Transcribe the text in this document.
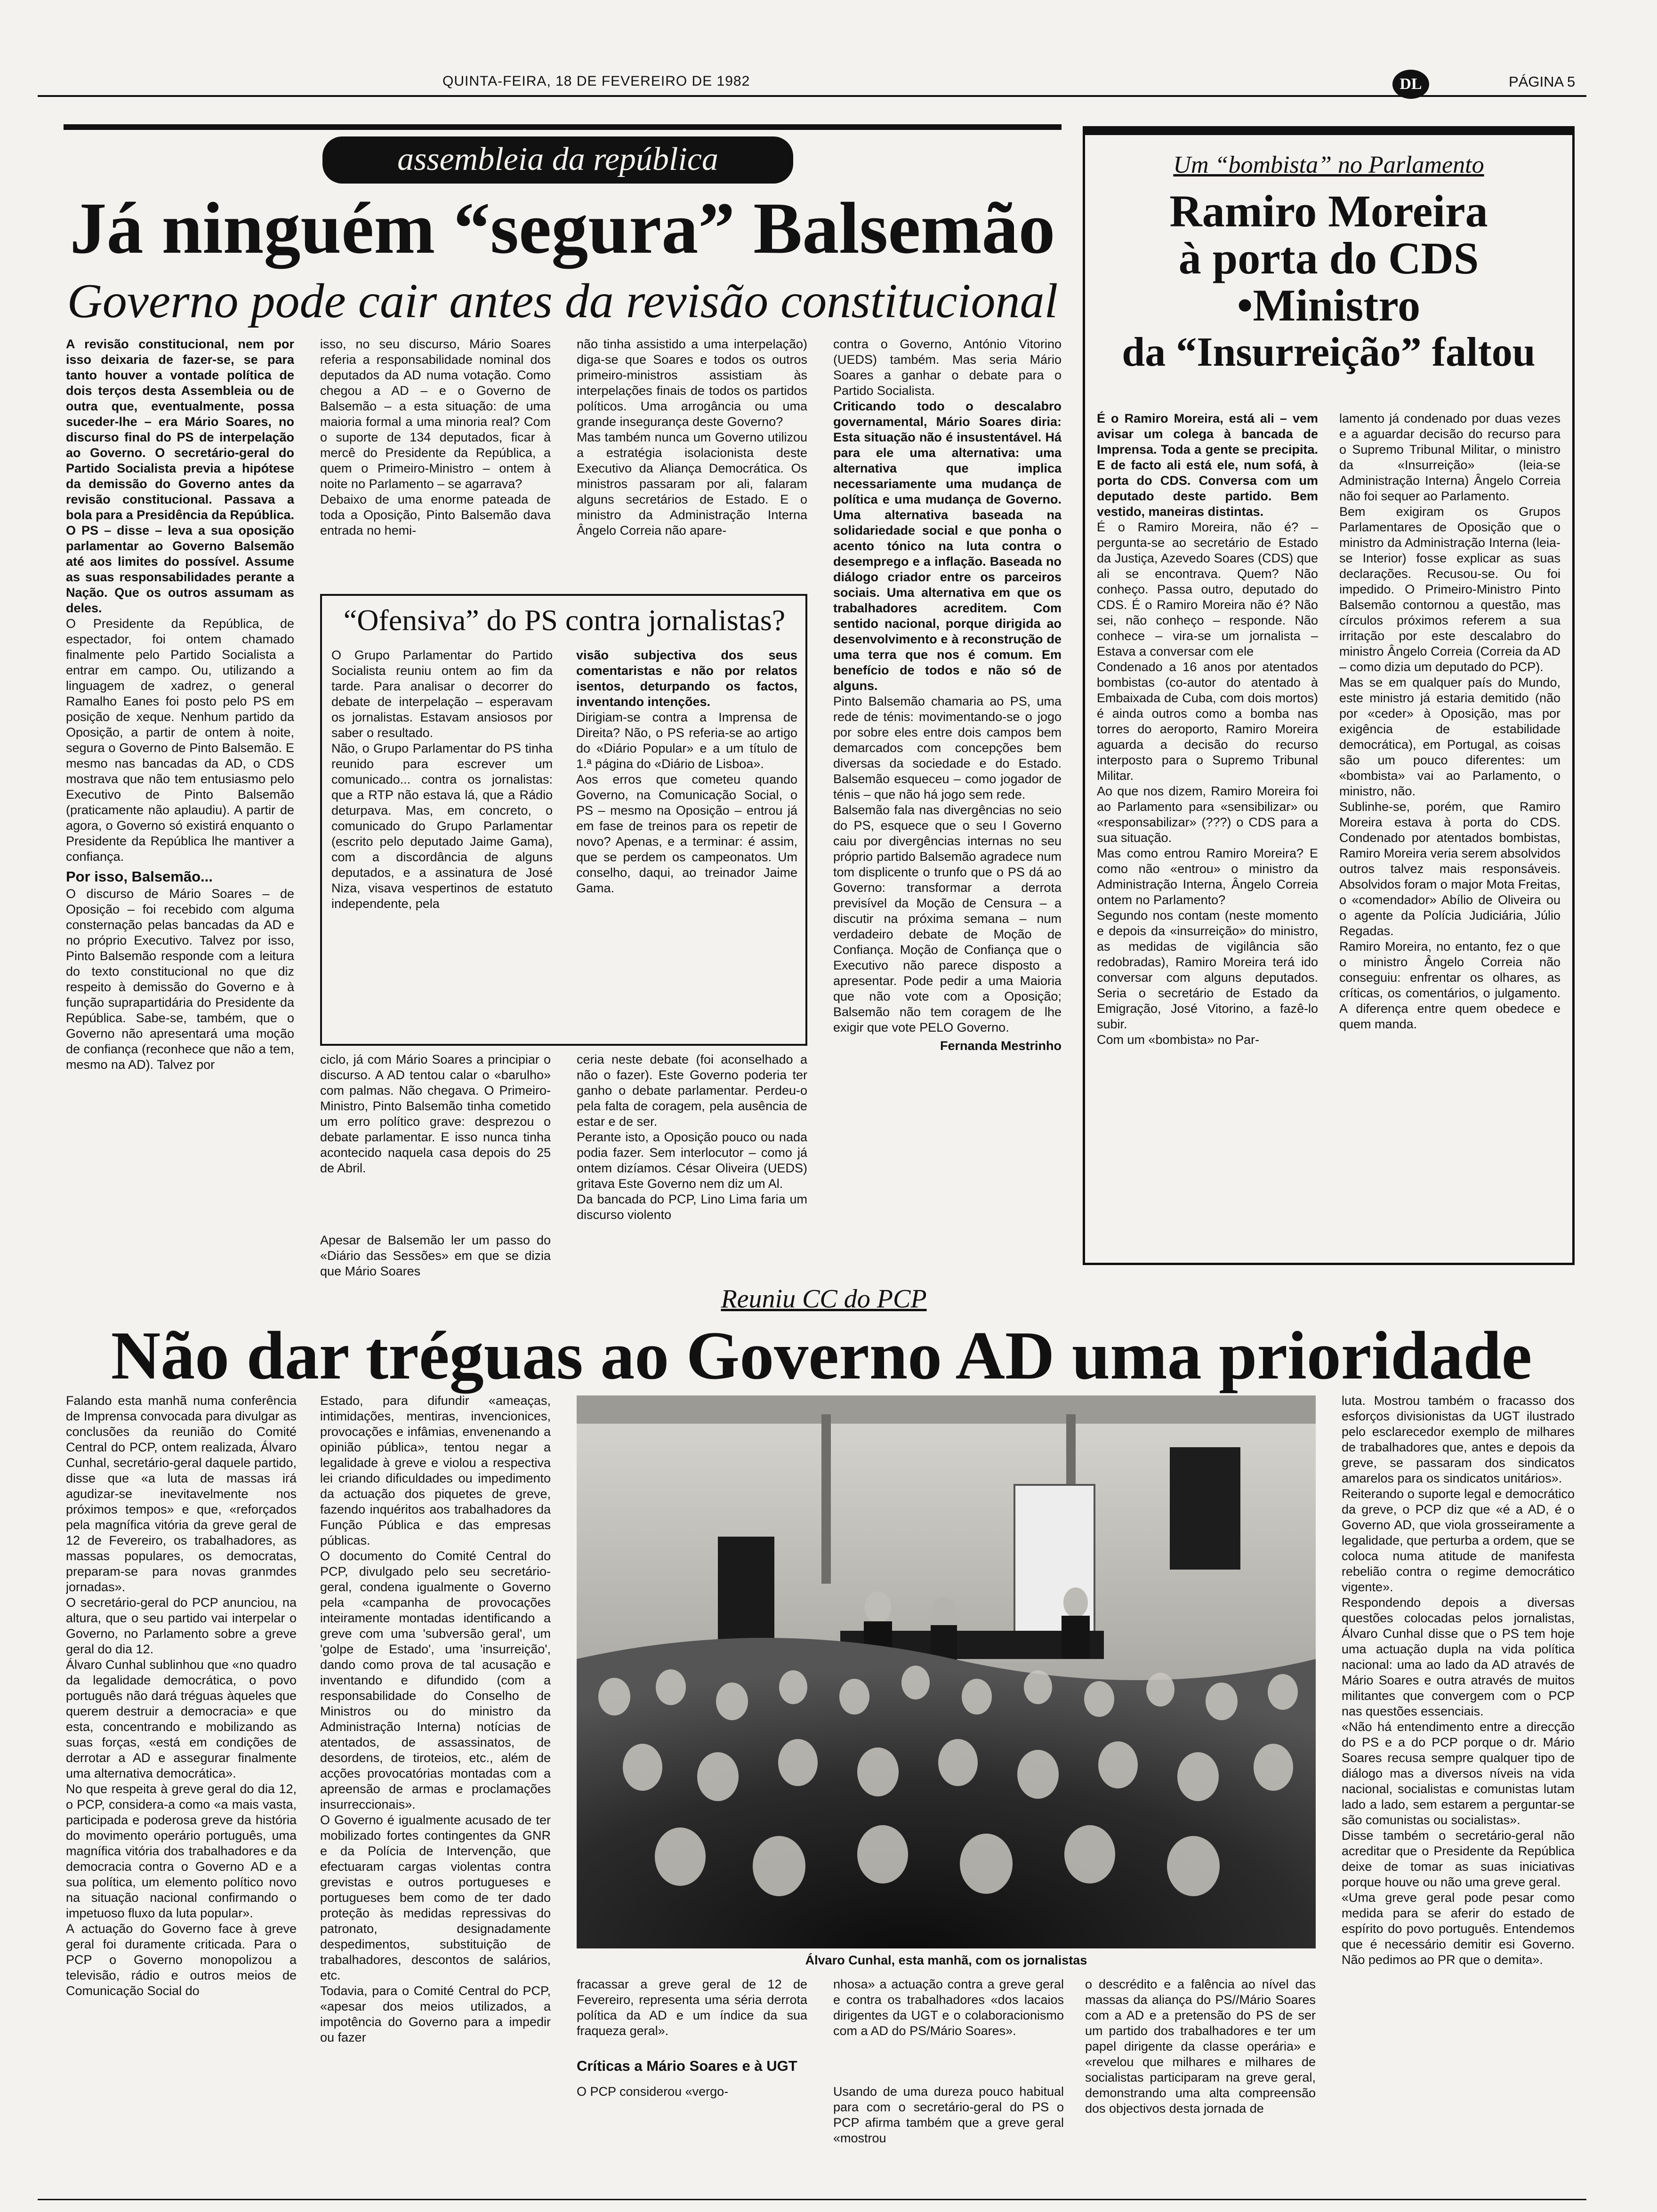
QUINTA-FEIRA, 18 DE FEVEREIRO DE 1982	DL	PÁGINA 5
assembleia da república
Já ninguém “segura” Balsemão
Governo pode cair antes da revisão constitucional

A revisão constitucional, nem por isso deixaria de fazer-se, se para tanto houver a vontade política de dois terços desta Assembleia ou de outra que, eventualmente, possa suceder-lhe – era Mário Soares, no discurso final do PS de interpelação ao Governo. O secretário-geral do Partido Socialista previa a hipótese da demissão do Governo antes da revisão constitucional. Passava a bola para a Presidência da República. O PS – disse – leva a sua oposição parlamentar ao Governo Balsemão até aos limites do possível. Assume as suas responsabilidades perante a Nação. Que os outros assumam as deles.

O Presidente da República, de espectador, foi ontem chamado finalmente pelo Partido Socialista a entrar em campo. Ou, utilizando a linguagem de xadrez, o general Ramalho Eanes foi posto pelo PS em posição de xeque. Nenhum partido da Oposição, a partir de ontem à noite, segura o Governo de Pinto Balsemão. E mesmo nas bancadas da AD, o CDS mostrava que não tem entusiasmo pelo Executivo de Pinto Balsemão (praticamente não aplaudiu). A partir de agora, o Governo só existirá enquanto o Presidente da República lhe mantiver a confiança.

Por isso, Balsemão...

O discurso de Mário Soares – de Oposição – foi recebido com alguma consternação pelas bancadas da AD e no próprio Executivo. Talvez por isso, Pinto Balsemão responde com a leitura do texto constitucional no que diz respeito à demissão do Governo e à função suprapartidária do Presidente da República. Sabe-se, também, que o Governo não apresentará uma moção de confiança (reconhece que não a tem, mesmo na AD). Talvez por

isso, no seu discurso, Mário Soares referia a responsabilidade nominal dos deputados da AD numa votação. Como chegou a AD – e o Governo de Balsemão – a esta situação: de uma maioria formal a uma minoria real? Com o suporte de 134 deputados, ficar à mercê do Presidente da República, a quem o Primeiro-Ministro – ontem à noite no Parlamento – se agarrava?

Debaixo de uma enorme pateada de toda a Oposição, Pinto Balsemão dava entrada no hemi-

não tinha assistido a uma interpelação) diga-se que Soares e todos os outros primeiro-ministros assistiam às interpelações finais de todos os partidos políticos. Uma arrogância ou uma grande insegurança deste Governo?

Mas também nunca um Governo utilizou a estratégia isolacionista deste Executivo da Aliança Democrática. Os ministros passaram por ali, falaram alguns secretários de Estado. E o ministro da Administração Interna Ângelo Correia não apare-

contra o Governo, António Vitorino (UEDS) também. Mas seria Mário Soares a ganhar o debate para o Partido Socialista.

Criticando todo o descalabro governamental, Mário Soares diria: Esta situação não é insustentável. Há para ele uma alternativa: uma alternativa que implica necessariamente uma mudança de política e uma mudança de Governo. Uma alternativa baseada na solidariedade social e que ponha o acento tónico na luta contra o desemprego e a inflação. Baseada no diálogo criador entre os parceiros sociais. Uma alternativa em que os trabalhadores acreditem. Com sentido nacional, porque dirigida ao desenvolvimento e à reconstrução de uma terra que nos é comum. Em benefício de todos e não só de alguns.

Pinto Balsemão chamaria ao PS, uma rede de ténis: movimentando-se o jogo por sobre eles entre dois campos bem demarcados com concepções bem diversas da sociedade e do Estado. Balsemão esqueceu – como jogador de ténis – que não há jogo sem rede.

Balsemão fala nas divergências no seio do PS, esquece que o seu I Governo caiu por divergências internas no seu próprio partido Balsemão agradece num tom displicente o trunfo que o PS dá ao Governo: transformar a derrota previsível da Moção de Censura – a discutir na próxima semana – num verdadeiro debate de Moção de Confiança. Moção de Confiança que o Executivo não parece disposto a apresentar. Pode pedir a uma Maioria que não vote com a Oposição; Balsemão não tem coragem de lhe exigir que vote PELO Governo.

Fernanda Mestrinho
“Ofensiva” do PS contra jornalistas?

O Grupo Parlamentar do Partido Socialista reuniu ontem ao fim da tarde. Para analisar o decorrer do debate de interpelação – esperavam os jornalistas. Estavam ansiosos por saber o resultado.

Não, o Grupo Parlamentar do PS tinha reunido para escrever um comunicado... contra os jornalistas: que a RTP não estava lá, que a Rádio deturpava. Mas, em concreto, o comunicado do Grupo Parlamentar (escrito pelo deputado Jaime Gama), com a discordância de alguns deputados, e a assinatura de José Niza, visava vespertinos de estatuto independente, pela

visão subjectiva dos seus comentaristas e não por relatos isentos, deturpando os factos, inventando intenções.

Dirigiam-se contra a Imprensa de Direita? Não, o PS referia-se ao artigo do «Diário Popular» e a um título de 1.ª página do «Diário de Lisboa».

Aos erros que cometeu quando Governo, na Comunicação Social, o PS – mesmo na Oposição – entrou já em fase de treinos para os repetir de novo? Apenas, e a terminar: é assim, que se perdem os campeonatos. Um conselho, daqui, ao treinador Jaime Gama.

ciclo, já com Mário Soares a principiar o discurso. A AD tentou calar o «barulho» com palmas. Não chegava. O Primeiro-Ministro, Pinto Balsemão tinha cometido um erro político grave: desprezou o debate parlamentar. E isso nunca tinha acontecido naquela casa depois do 25 de Abril.

Apesar de Balsemão ler um passo do «Diário das Sessões» em que se dizia que Mário Soares

ceria neste debate (foi aconselhado a não o fazer). Este Governo poderia ter ganho o debate parlamentar. Perdeu-o pela falta de coragem, pela ausência de estar e de ser.

Perante isto, a Oposição pouco ou nada podia fazer. Sem interlocutor – como já ontem dizíamos. César Oliveira (UEDS) gritava Este Governo nem diz um Al.

Da bancada do PCP, Lino Lima faria um discurso violento

Um “bombista” no Parlamento
Ramiro Moreira
à porta do CDS
•Ministro
da “Insurreição” faltou

É o Ramiro Moreira, está ali – vem avisar um colega à bancada de Imprensa. Toda a gente se precipita. E de facto ali está ele, num sofá, à porta do CDS. Conversa com um deputado deste partido. Bem vestido, maneiras distintas.

É o Ramiro Moreira, não é? – pergunta-se ao secretário de Estado da Justiça, Azevedo Soares (CDS) que ali se encontrava. Quem? Não conheço. Passa outro, deputado do CDS. É o Ramiro Moreira não é? Não sei, não conheço – responde. Não conhece – vira-se um jornalista – Estava a conversar com ele

Condenado a 16 anos por atentados bombistas (co-autor do atentado à Embaixada de Cuba, com dois mortos) é ainda outros como a bomba nas torres do aeroporto, Ramiro Moreira aguarda a decisão do recurso interposto para o Supremo Tribunal Militar.

Ao que nos dizem, Ramiro Moreira foi ao Parlamento para «sensibilizar» ou «responsabilizar» (???) o CDS para a sua situação.

Mas como entrou Ramiro Moreira? E como não «entrou» o ministro da Administração Interna, Ângelo Correia ontem no Parlamento?

Segundo nos contam (neste momento e depois da «insurreição» do ministro, as medidas de vigilância são redobradas), Ramiro Moreira terá ido conversar com alguns deputados. Seria o secretário de Estado da Emigração, José Vitorino, a fazê-lo subir.

Com um «bombista» no Par-

lamento já condenado por duas vezes e a aguardar decisão do recurso para o Supremo Tribunal Militar, o ministro da «Insurreição» (leia-se Administração Interna) Ângelo Correia não foi sequer ao Parlamento.

Bem exigiram os Grupos Parlamentares de Oposição que o ministro da Administração Interna (leia-se Interior) fosse explicar as suas declarações. Recusou-se. Ou foi impedido. O Primeiro-Ministro Pinto Balsemão contornou a questão, mas círculos próximos referem a sua irritação por este descalabro do ministro Ângelo Correia (Correia da AD – como dizia um deputado do PCP).

Mas se em qualquer país do Mundo, este ministro já estaria demitido (não por «ceder» à Oposição, mas por exigência de estabilidade democrática), em Portugal, as coisas são um pouco diferentes: um «bombista» vai ao Parlamento, o ministro, não.

Sublinhe-se, porém, que Ramiro Moreira estava à porta do CDS. Condenado por atentados bombistas, Ramiro Moreira veria serem absolvidos outros talvez mais responsáveis. Absolvidos foram o major Mota Freitas, o «comendador» Abílio de Oliveira ou o agente da Polícia Judiciária, Júlio Regadas.

Ramiro Moreira, no entanto, fez o que o ministro Ângelo Correia não conseguiu: enfrentar os olhares, as críticas, os comentários, o julgamento. A diferença entre quem obedece e quem manda.

Reuniu CC do PCP
Não dar tréguas ao Governo AD uma prioridade

Falando esta manhã numa conferência de Imprensa convocada para divulgar as conclusões da reunião do Comité Central do PCP, ontem realizada, Álvaro Cunhal, secretário-geral daquele partido, disse que «a luta de massas irá agudizar-se inevitavelmente nos próximos tempos» e que, «reforçados pela magnífica vitória da greve geral de 12 de Fevereiro, os trabalhadores, as massas populares, os democratas, preparam-se para novas granmdes jornadas».

O secretário-geral do PCP anunciou, na altura, que o seu partido vai interpelar o Governo, no Parlamento sobre a greve geral do dia 12.

Álvaro Cunhal sublinhou que «no quadro da legalidade democrática, o povo português não dará tréguas àqueles que querem destruir a democracia» e que esta, concentrando e mobilizando as suas forças, «está em condições de derrotar a AD e assegurar finalmente uma alternativa democrática».

No que respeita à greve geral do dia 12, o PCP, considera-a como «a mais vasta, participada e poderosa greve da história do movimento operário português, uma magnífica vitória dos trabalhadores e da democracia contra o Governo AD e a sua política, um elemento político novo na situação nacional confirmando o impetuoso fluxo da luta popular».

A actuação do Governo face à greve geral foi duramente criticada. Para o PCP o Governo monopolizou a televisão, rádio e outros meios de Comunicação Social do

Estado, para difundir «ameaças, intimidações, mentiras, invencionices, provocações e infâmias, envenenando a opinião pública», tentou negar a legalidade à greve e violou a respectiva lei criando dificuldades ou impedimento da actuação dos piquetes de greve, fazendo inquéritos aos trabalhadores da Função Pública e das empresas públicas.

O documento do Comité Central do PCP, divulgado pelo seu secretário-geral, condena igualmente o Governo pela «campanha de provocações inteiramente montadas identificando a greve com uma 'subversão geral', um 'golpe de Estado', uma 'insurreição', dando como prova de tal acusação e inventando e difundido (com a responsabilidade do Conselho de Ministros ou do ministro da Administração Interna) notícias de atentados, de assassinatos, de desordens, de tiroteios, etc., além de acções provocatórias montadas com a apreensão de armas e proclamações insurreccionais».

O Governo é igualmente acusado de ter mobilizado fortes contingentes da GNR e da Polícia de Intervenção, que efectuaram cargas violentas contra grevistas e outros portugueses e portugueses bem como de ter dado proteção às medidas repressivas do patronato, designadamente despedimentos, substituição de trabalhadores, descontos de salários, etc.

Todavia, para o Comité Central do PCP, «apesar dos meios utilizados, a impotência do Governo para a impedir ou fazer

Álvaro Cunhal, esta manhã, com os jornalistas

fracassar a greve geral de 12 de Fevereiro, representa uma séria derrota política da AD e um índice da sua fraqueza geral».

Críticas a Mário Soares e à UGT

O PCP considerou «vergo-

nhosa» a actuação contra a greve geral e contra os trabalhadores «dos lacaios dirigentes da UGT e o colaboracionismo com a AD do PS/Mário Soares».

Usando de uma dureza pouco habitual para com o secretário-geral do PS o PCP afirma também que a greve geral «mostrou

o descrédito e a falência ao nível das massas da aliança do PS//Mário Soares com a AD e a pretensão do PS de ser um partido dos trabalhadores e ter um papel dirigente da classe operária» e «revelou que milhares e milhares de socialistas participaram na greve geral, demonstrando uma alta compreensão dos objectivos desta jornada de

luta. Mostrou também o fracasso dos esforços divisionistas da UGT ilustrado pelo esclarecedor exemplo de milhares de trabalhadores que, antes e depois da greve, se passaram dos sindicatos amarelos para os sindicatos unitários».

Reiterando o suporte legal e democrático da greve, o PCP diz que «é a AD, é o Governo AD, que viola grosseiramente a legalidade, que perturba a ordem, que se coloca numa atitude de manifesta rebelião contra o regime democrático vigente».

Respondendo depois a diversas questões colocadas pelos jornalistas, Álvaro Cunhal disse que o PS tem hoje uma actuação dupla na vida política nacional: uma ao lado da AD através de Mário Soares e outra através de muitos militantes que convergem com o PCP nas questões essenciais.

«Não há entendimento entre a direcção do PS e a do PCP porque o dr. Mário Soares recusa sempre qualquer tipo de diálogo mas a diversos níveis na vida nacional, socialistas e comunistas lutam lado a lado, sem estarem a perguntar-se são comunistas ou socialistas».

Disse também o secretário-geral não acreditar que o Presidente da República deixe de tomar as suas iniciativas porque houve ou não uma greve geral.

«Uma greve geral pode pesar como medida para se aferir do estado de espírito do povo português. Entendemos que é necessário demitir esi Governo. Não pedimos ao PR que o demita».
